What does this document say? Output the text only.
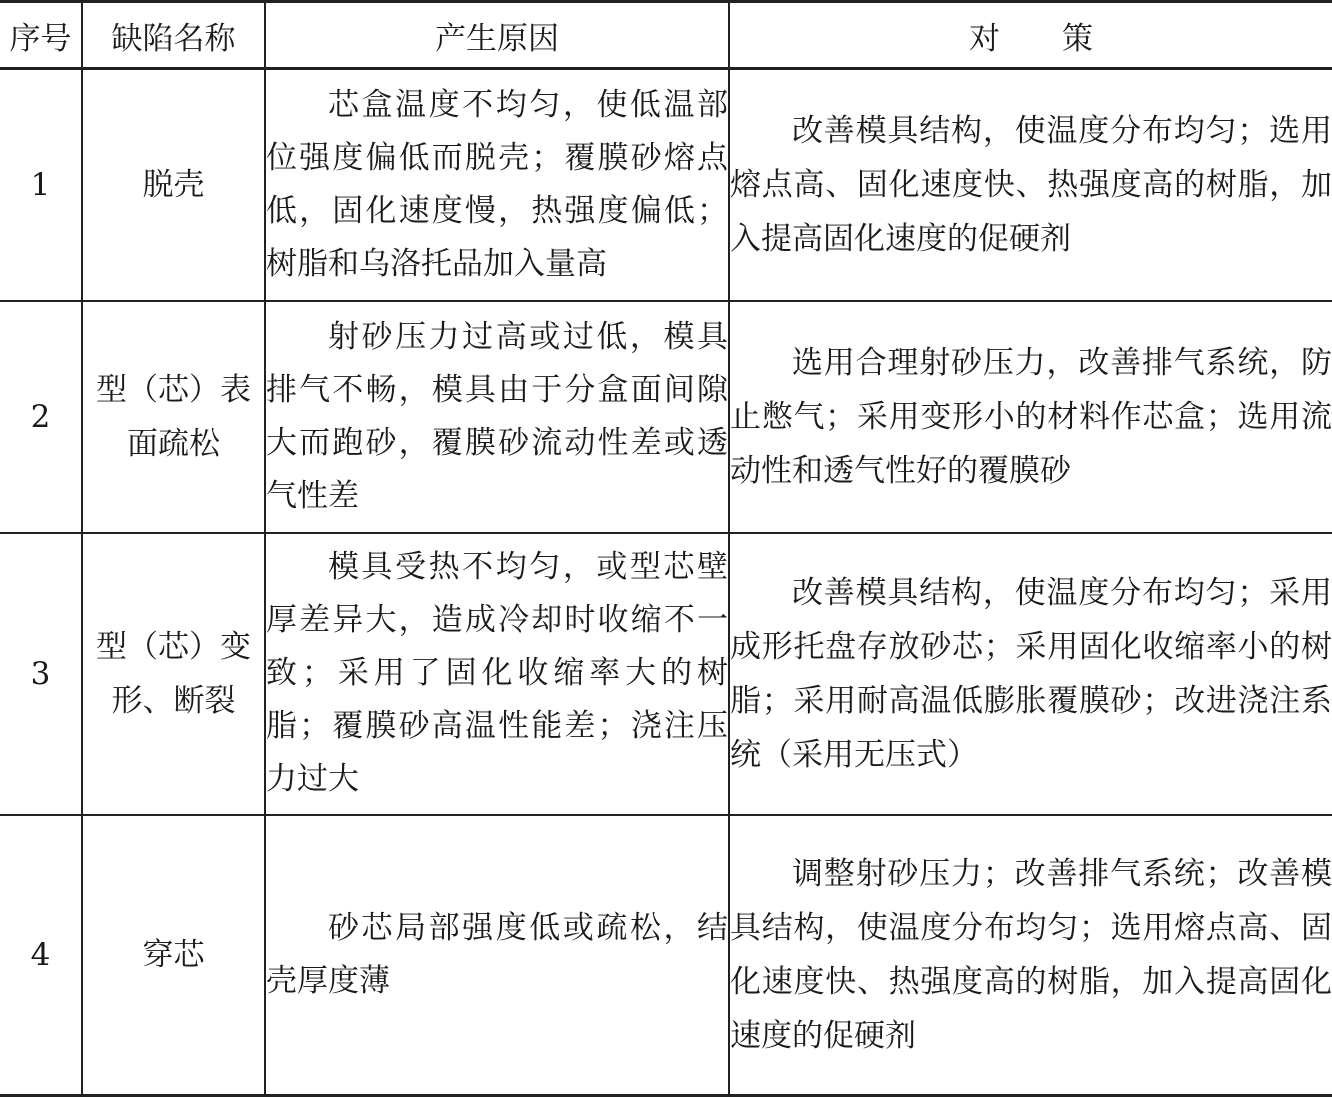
序号	缺陷名称	产生原因	对　　策
1	脱壳	芯盒温度不均匀，使低温部位强度偏低而脱壳；覆膜砂熔点低，固化速度慢，热强度偏低；树脂和乌洛托品加入量高	改善模具结构，使温度分布均匀；选用熔点高、固化速度快、热强度高的树脂，加入提高固化速度的促硬剂
2	型（芯）表面疏松	射砂压力过高或过低，模具排气不畅，模具由于分盒面间隙大而跑砂，覆膜砂流动性差或透气性差	选用合理射砂压力，改善排气系统，防止憋气；采用变形小的材料作芯盒；选用流动性和透气性好的覆膜砂
3	型（芯）变形、断裂	模具受热不均匀，或型芯壁厚差异大，造成冷却时收缩不一致；采用了固化收缩率大的树脂；覆膜砂高温性能差；浇注压力过大	改善模具结构，使温度分布均匀；采用成形托盘存放砂芯；采用固化收缩率小的树脂；采用耐高温低膨胀覆膜砂；改进浇注系统（采用无压式）
4	穿芯	砂芯局部强度低或疏松，结壳厚度薄	调整射砂压力；改善排气系统；改善模具结构，使温度分布均匀；选用熔点高、固化速度快、热强度高的树脂，加入提高固化速度的促硬剂
